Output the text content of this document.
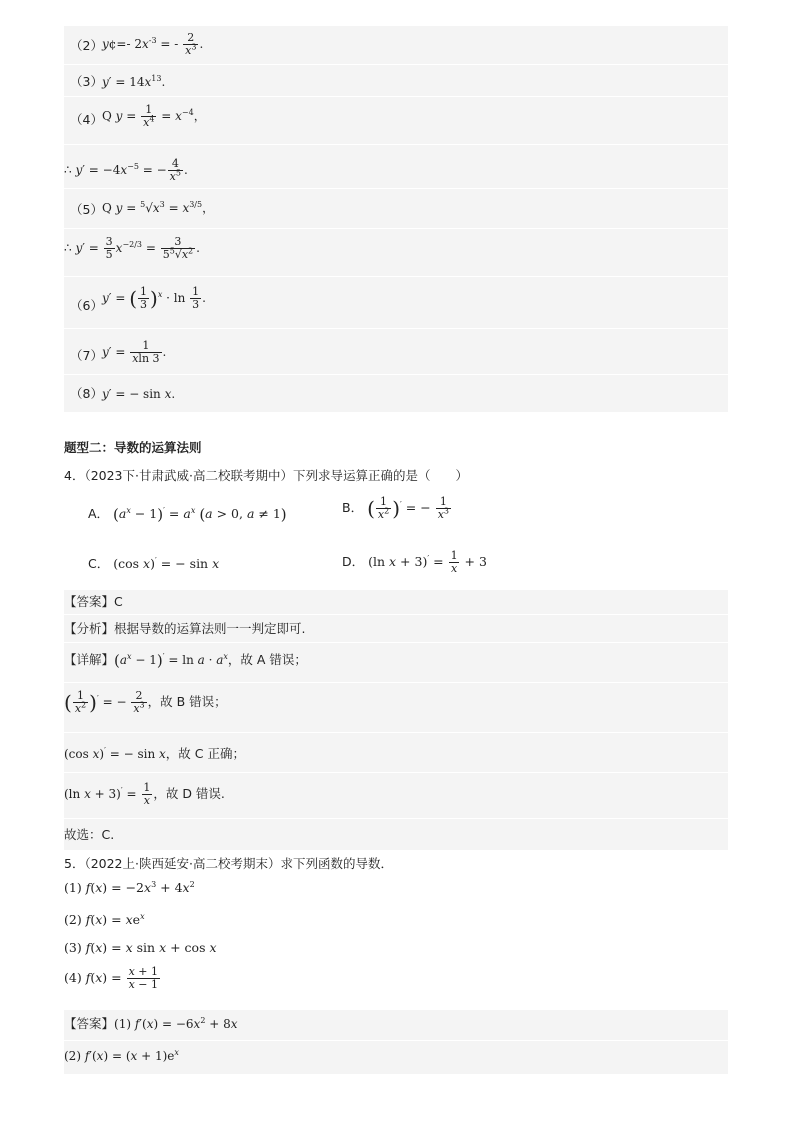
（2） y¢=- $2x^{-3}$ = - $\frac{2}{x^3}$ .
（3） $y' = 14x^{13}$.
（4） Q $y = \frac{1}{x^4} = x^{-4}$，
∴ $y' = -4x^{-5}$ = − $\frac{4}{x^5}$ .
（5） Q $y = ^5√x^3 = x^{3/5}$，
∴ $y' = \frac{3}{5} x^{-2/3} = \frac{3}{5^5√x^2}$ .
（6） y′ = ( $\frac{1}{3} )^x \cdot \ln \frac{1}{3}$ .
（7） $y' = \frac{1}{xln 3}$ .
（8） y′ = − sin x.
题型二：导数的运算法则
4．（2023下·甘肃武威·高二校联考期中）下列求导运算正确的是（　　）
A． $(a^x - 1)' = a^x$ (a > 0, a ≠ 1)	B． ( $\frac{1}{x^2} )'$ = − $\frac{1}{x^3}$
C． (cos x)′ = − sin x	D． (ln $x + 3)' = \frac{1}{x} + 3$
【答案】C
【分析】根据导数的运算法则一一判定即可.
【详解】$(a^x - 1)' = \ln a \cdot a^x$，故 A 错误；
( $\frac{1}{x^2} )'$ = − $\frac{2}{x^3}$ ，故 B 错误；
(cos x)′ = − sin x，故 C 正确；
(ln $x + 3)' = \frac{1}{x}$ ，故 D 错误.
故选：C.
5．（2022上·陕西延安·高二校考期末）求下列函数的导数．
(1) $f(x) = -2x^3 + 4x^2$
(2) $f(x) = xe^x$
(3) f(x) = x sin x + cos x
(4) $f(x) = \frac{x + 1}{x - 1}$
【答案】(1) $f'(x) = -6x^2 + 8x$
(2) $f'(x) = (x + 1)e^x$
